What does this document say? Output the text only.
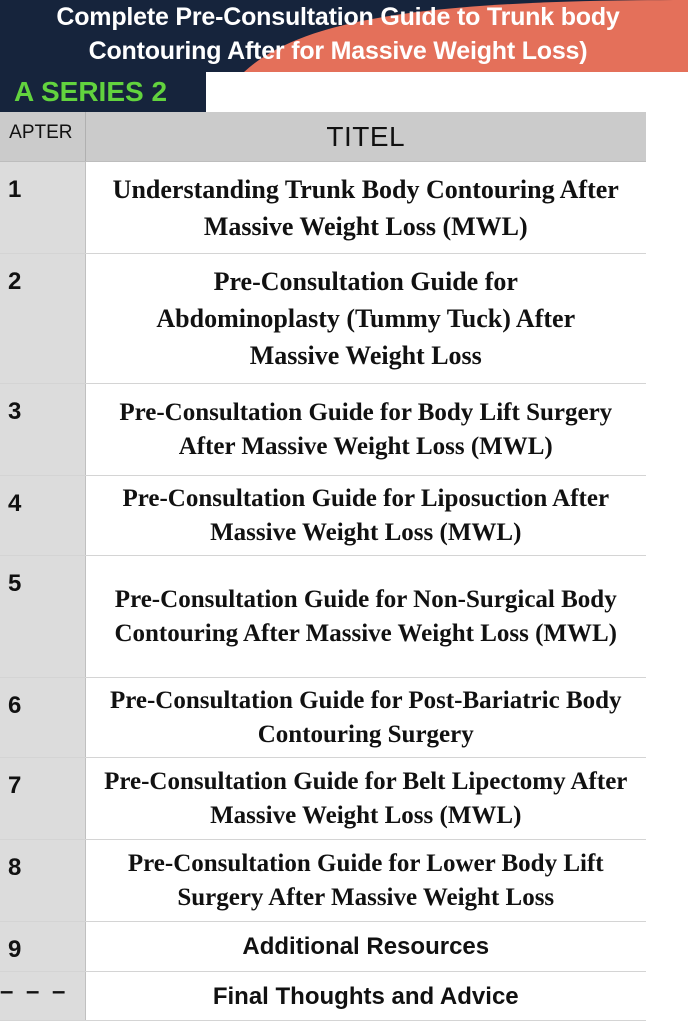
Complete Pre-Consultation Guide to Trunk body
Contouring After for Massive Weight Loss)
A SERIES 2
APTER	TITEL
1	Understanding Trunk Body Contouring After Massive Weight Loss (MWL)
2	Pre-Consultation Guide for Abdominoplasty (Tummy Tuck) After Massive Weight Loss
3	Pre-Consultation Guide for Body Lift Surgery After Massive Weight Loss (MWL)
4	Pre-Consultation Guide for Liposuction After Massive Weight Loss (MWL)
5	Pre-Consultation Guide for Non-Surgical Body Contouring After Massive Weight Loss (MWL)
6	Pre-Consultation Guide for Post-Bariatric Body Contouring Surgery
7	Pre-Consultation Guide for Belt Lipectomy After Massive Weight Loss (MWL)
8	Pre-Consultation Guide for Lower Body Lift Surgery After Massive Weight Loss
9	Additional Resources
– – –	Final Thoughts and Advice
